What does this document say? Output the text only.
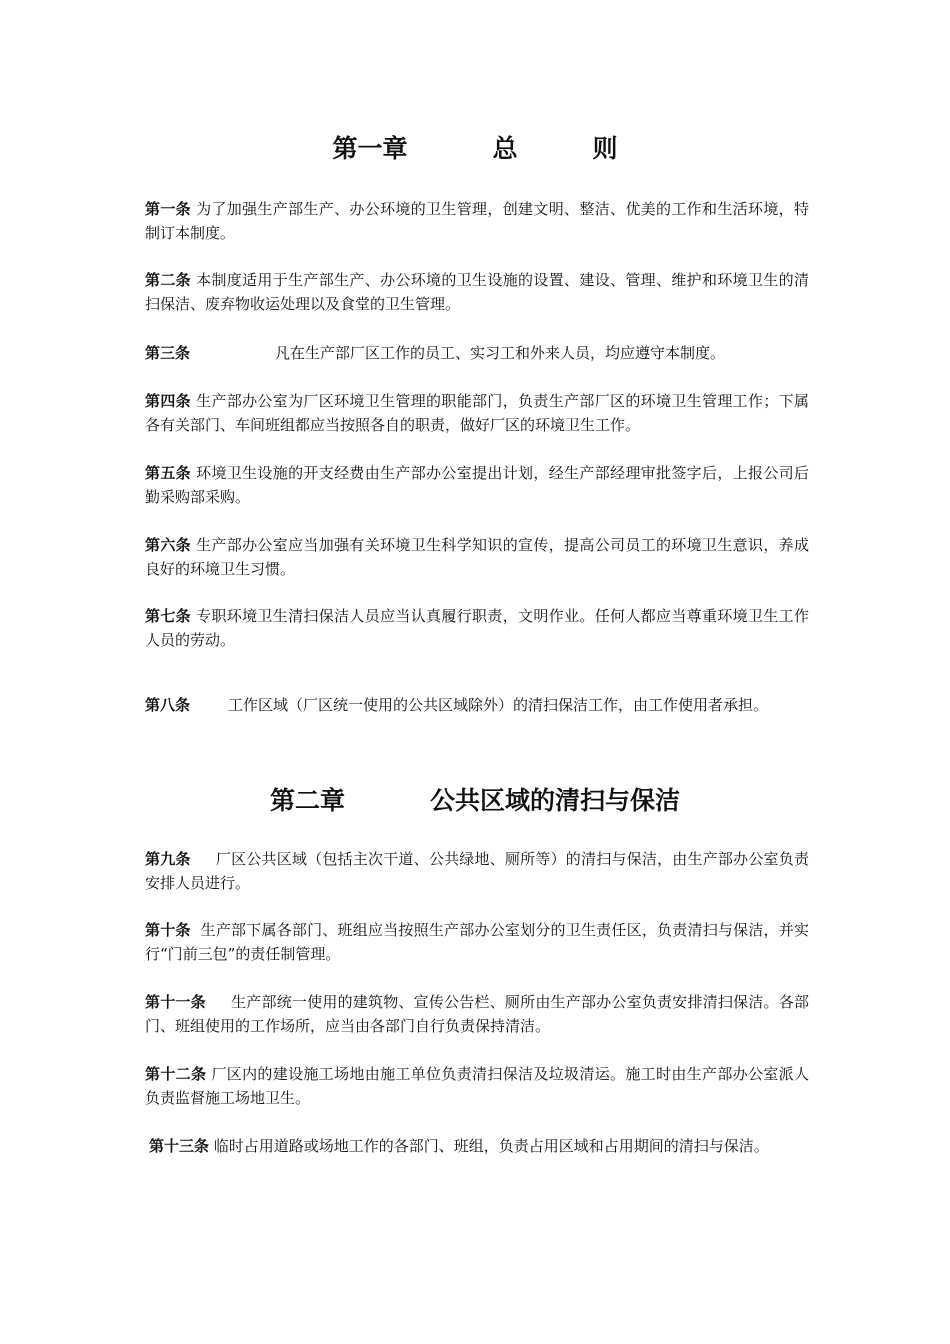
第一章	总	则
第一条 为了加强生产部生产、办公环境的卫生管理，创建文明、整洁、优美的工作和生活环境，特制订本制度。
第二条 本制度适用于生产部生产、办公环境的卫生设施的设置、建设、管理、维护和环境卫生的清扫保洁、废弃物收运处理以及食堂的卫生管理。
第三条	凡在生产部厂区工作的员工、实习工和外来人员，均应遵守本制度。
第四条 生产部办公室为厂区环境卫生管理的职能部门，负责生产部厂区的环境卫生管理工作；下属各有关部门、车间班组都应当按照各自的职责，做好厂区的环境卫生工作。
第五条 环境卫生设施的开支经费由生产部办公室提出计划，经生产部经理审批签字后，上报公司后勤采购部采购。
第六条 生产部办公室应当加强有关环境卫生科学知识的宣传，提高公司员工的环境卫生意识，养成良好的环境卫生习惯。
第七条 专职环境卫生清扫保洁人员应当认真履行职责，文明作业。任何人都应当尊重环境卫生工作人员的劳动。
第八条	工作区域（厂区统一使用的公共区域除外）的清扫保洁工作，由工作使用者承担。
第二章	公共区域的清扫与保洁
第九条 厂区公共区域（包括主次干道、公共绿地、厕所等）的清扫与保洁，由生产部办公室负责安排人员进行。
第十条 生产部下属各部门、班组应当按照生产部办公室划分的卫生责任区，负责清扫与保洁，并实行“门前三包”的责任制管理。
第十一条 生产部统一使用的建筑物、宣传公告栏、厕所由生产部办公室负责安排清扫保洁。各部门、班组使用的工作场所，应当由各部门自行负责保持清洁。
第十二条 厂区内的建设施工场地由施工单位负责清扫保洁及垃圾清运。施工时由生产部办公室派人负责监督施工场地卫生。
第十三条 临时占用道路或场地工作的各部门、班组，负责占用区域和占用期间的清扫与保洁。
